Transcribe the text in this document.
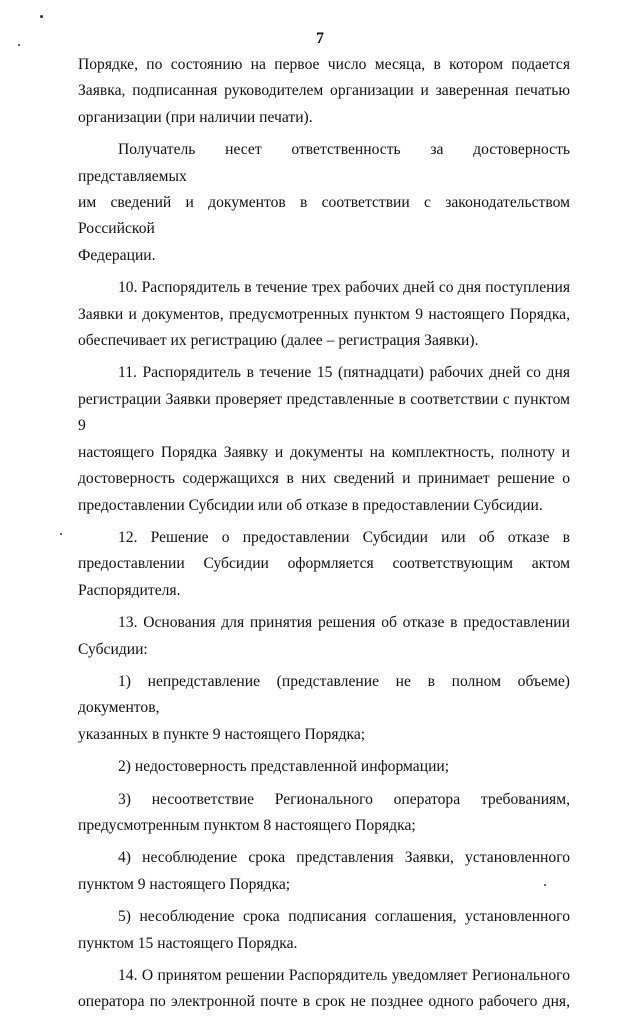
7

Порядке, по состоянию на первое число месяца, в котором подается

Заявка, подписанная руководителем организации и заверенная печатью

организации (при наличии печати).

Получатель несет ответственность за достоверность представляемых

им сведений и документов в соответствии с законодательством Российской

Федерации.

10. Распорядитель в течение трех рабочих дней со дня поступления

Заявки и документов, предусмотренных пунктом 9 настоящего Порядка,

обеспечивает их регистрацию (далее – регистрация Заявки).

11. Распорядитель в течение 15 (пятнадцати) рабочих дней со дня

регистрации Заявки проверяет представленные в соответствии с пунктом 9

настоящего Порядка Заявку и документы на комплектность, полноту и

достоверность содержащихся в них сведений и принимает решение о

предоставлении Субсидии или об отказе в предоставлении Субсидии.

12. Решение о предоставлении Субсидии или об отказе в

предоставлении Субсидии оформляется соответствующим актом

Распорядителя.

13. Основания для принятия решения об отказе в предоставлении

Субсидии:

1) непредставление (представление не в полном объеме) документов,

указанных в пункте 9 настоящего Порядка;

2) недостоверность представленной информации;

3) несоответствие Регионального оператора требованиям,

предусмотренным пунктом 8 настоящего Порядка;

4) несоблюдение срока представления Заявки, установленного

пунктом 9 настоящего Порядка;

5) несоблюдение срока подписания соглашения, установленного

пунктом 15 настоящего Порядка.

14. О принятом решении Распорядитель уведомляет Регионального

оператора по электронной почте в срок не позднее одного рабочего дня,
